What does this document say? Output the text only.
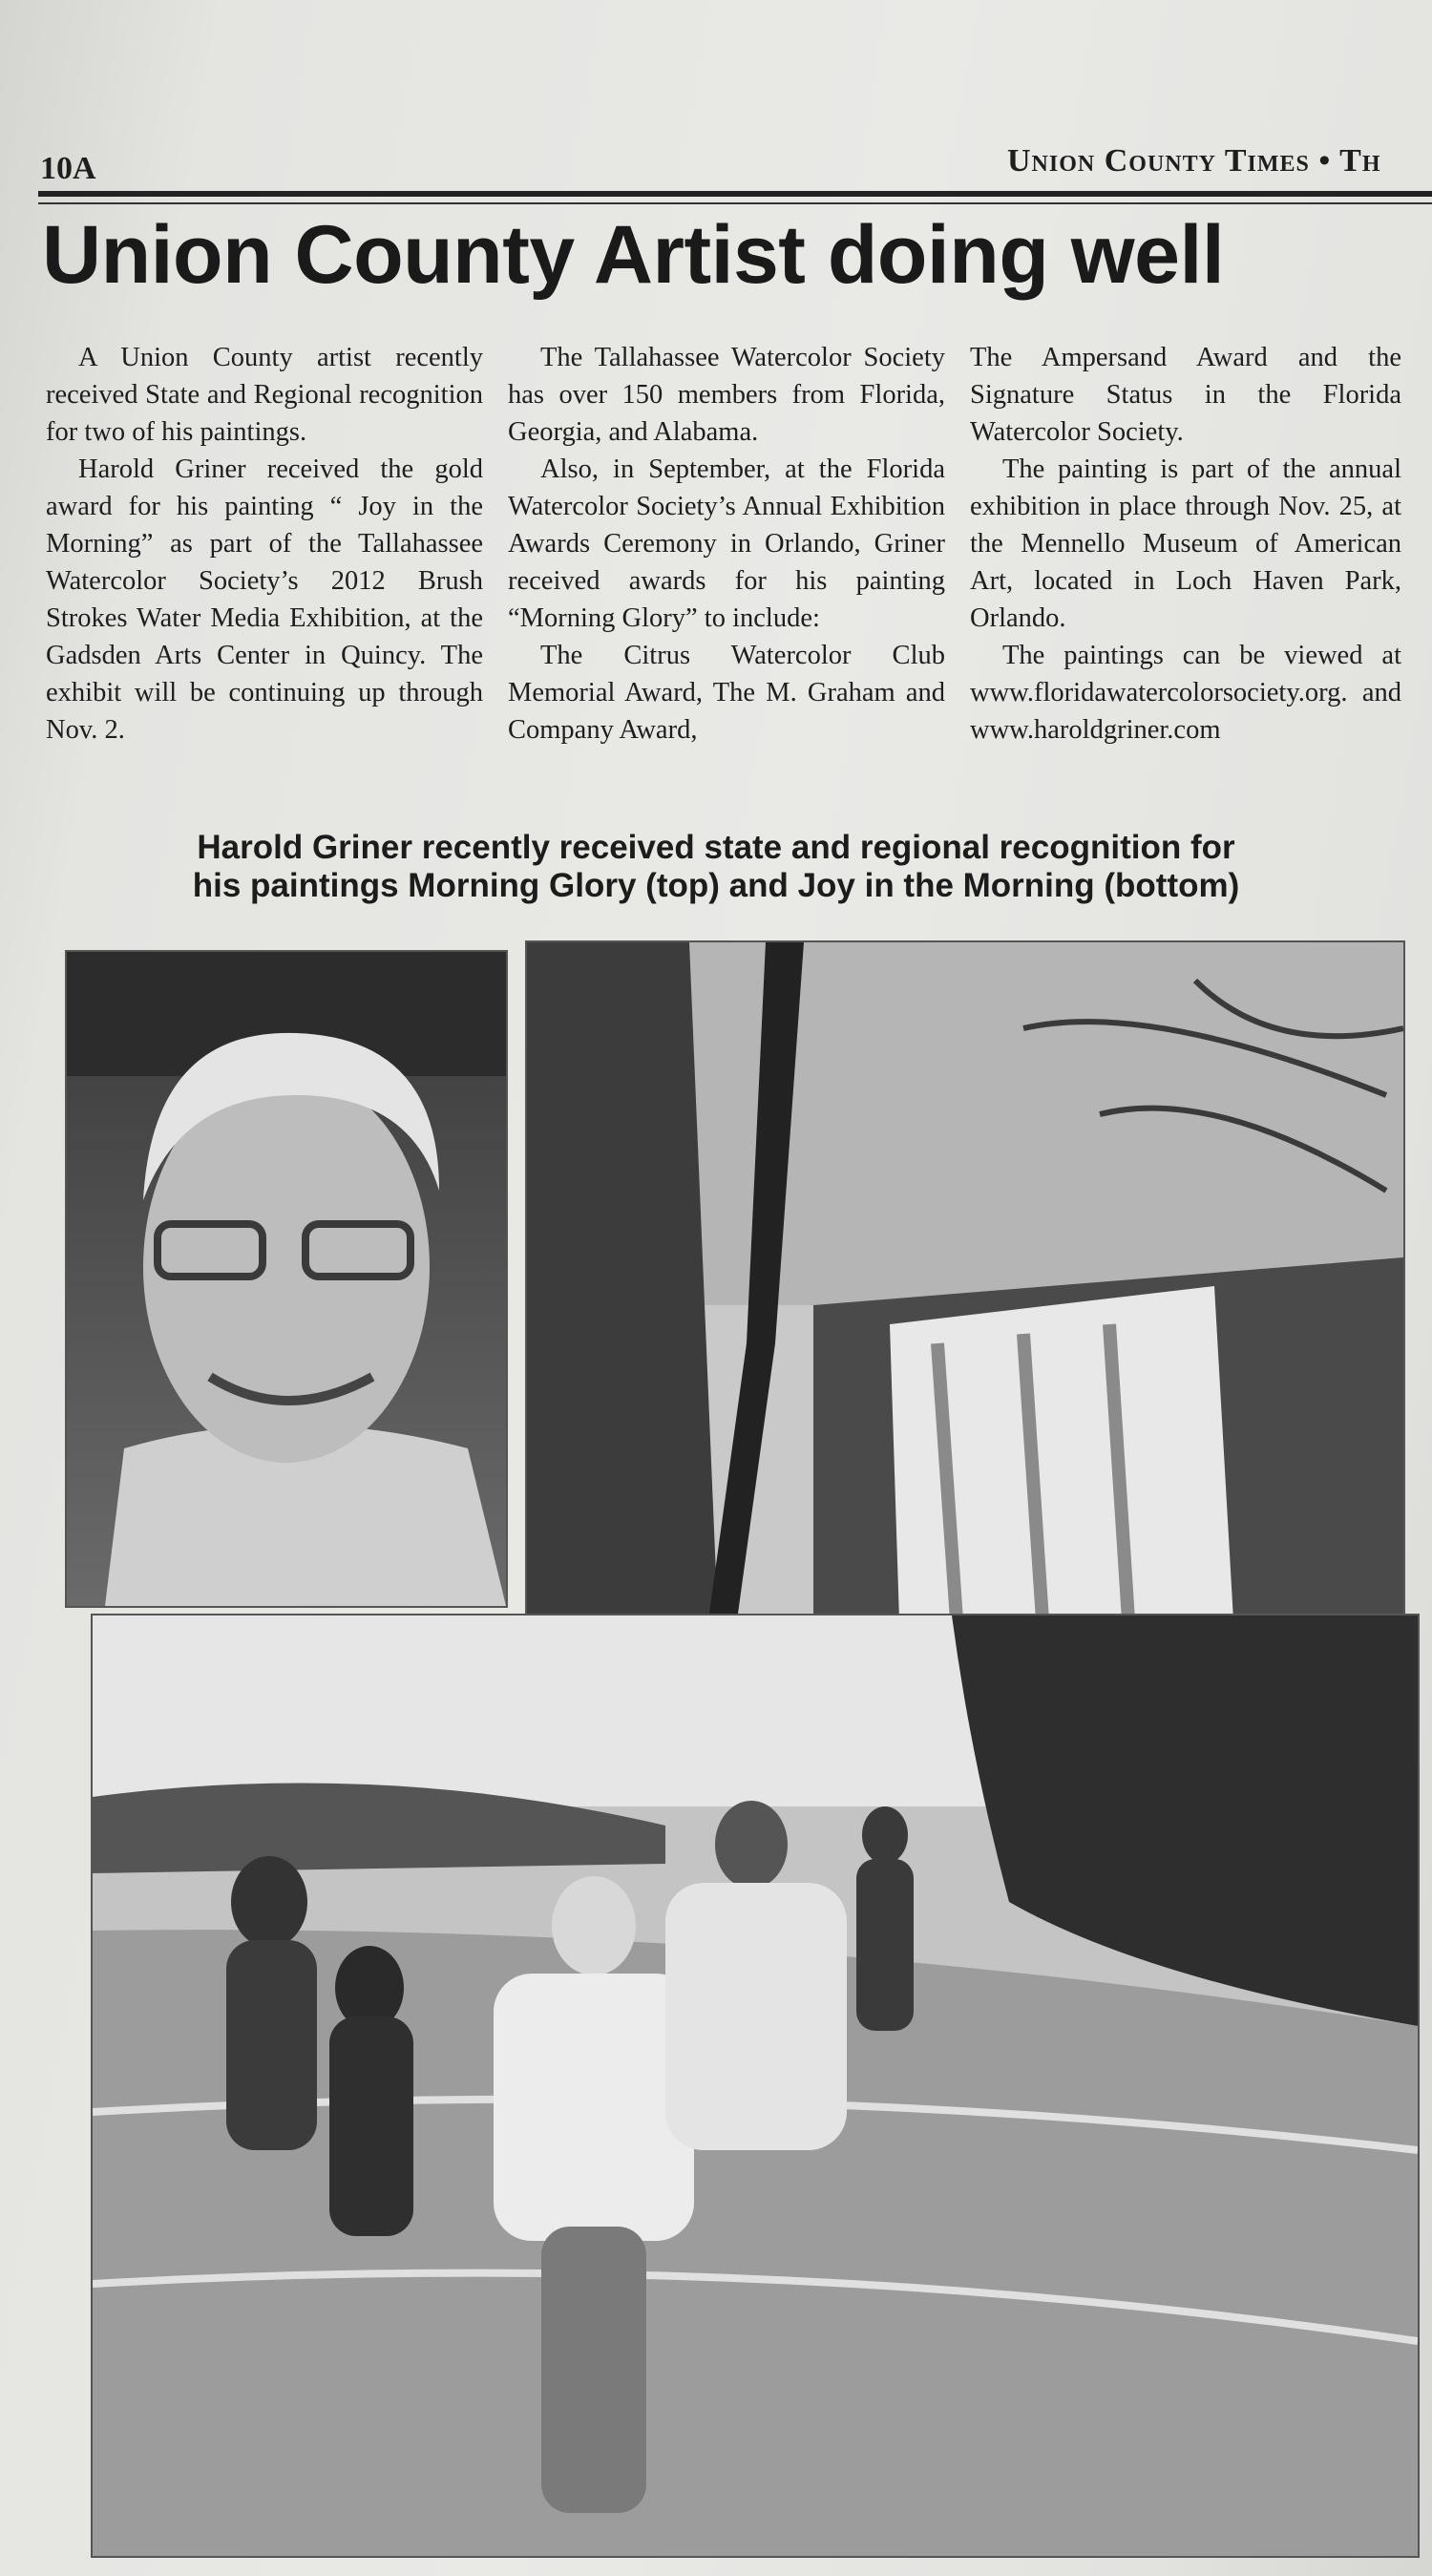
10A	Union County Times • Th
Union County Artist doing well

A Union County artist recently received State and Regional recognition for two of his paintings.

Harold Griner received the gold award for his painting “ Joy in the Morning” as part of the Tallahassee Watercolor Society’s 2012 Brush Strokes Water Media Exhibition, at the Gadsden Arts Center in Quincy. The exhibit will be continuing up through Nov. 2.

The Tallahassee Watercolor Society has over 150 members from Florida, Georgia, and Alabama.

Also, in September, at the Florida Watercolor Society’s Annual Exhibition Awards Ceremony in Orlando, Griner received awards for his painting “Morning Glory” to include:

The Citrus Watercolor Club Memorial Award, The M. Graham and Company Award,

The Ampersand Award and the Signature Status in the Florida Watercolor Society.

The painting is part of the annual exhibition in place through Nov. 25, at the Mennello Museum of American Art, located in Loch Haven Park, Orlando.

The paintings can be viewed at www.floridawatercolorsociety.org. and www.haroldgriner.com

Harold Griner recently received state and regional recognition for
his paintings Morning Glory (top) and Joy in the Morning (bottom)
